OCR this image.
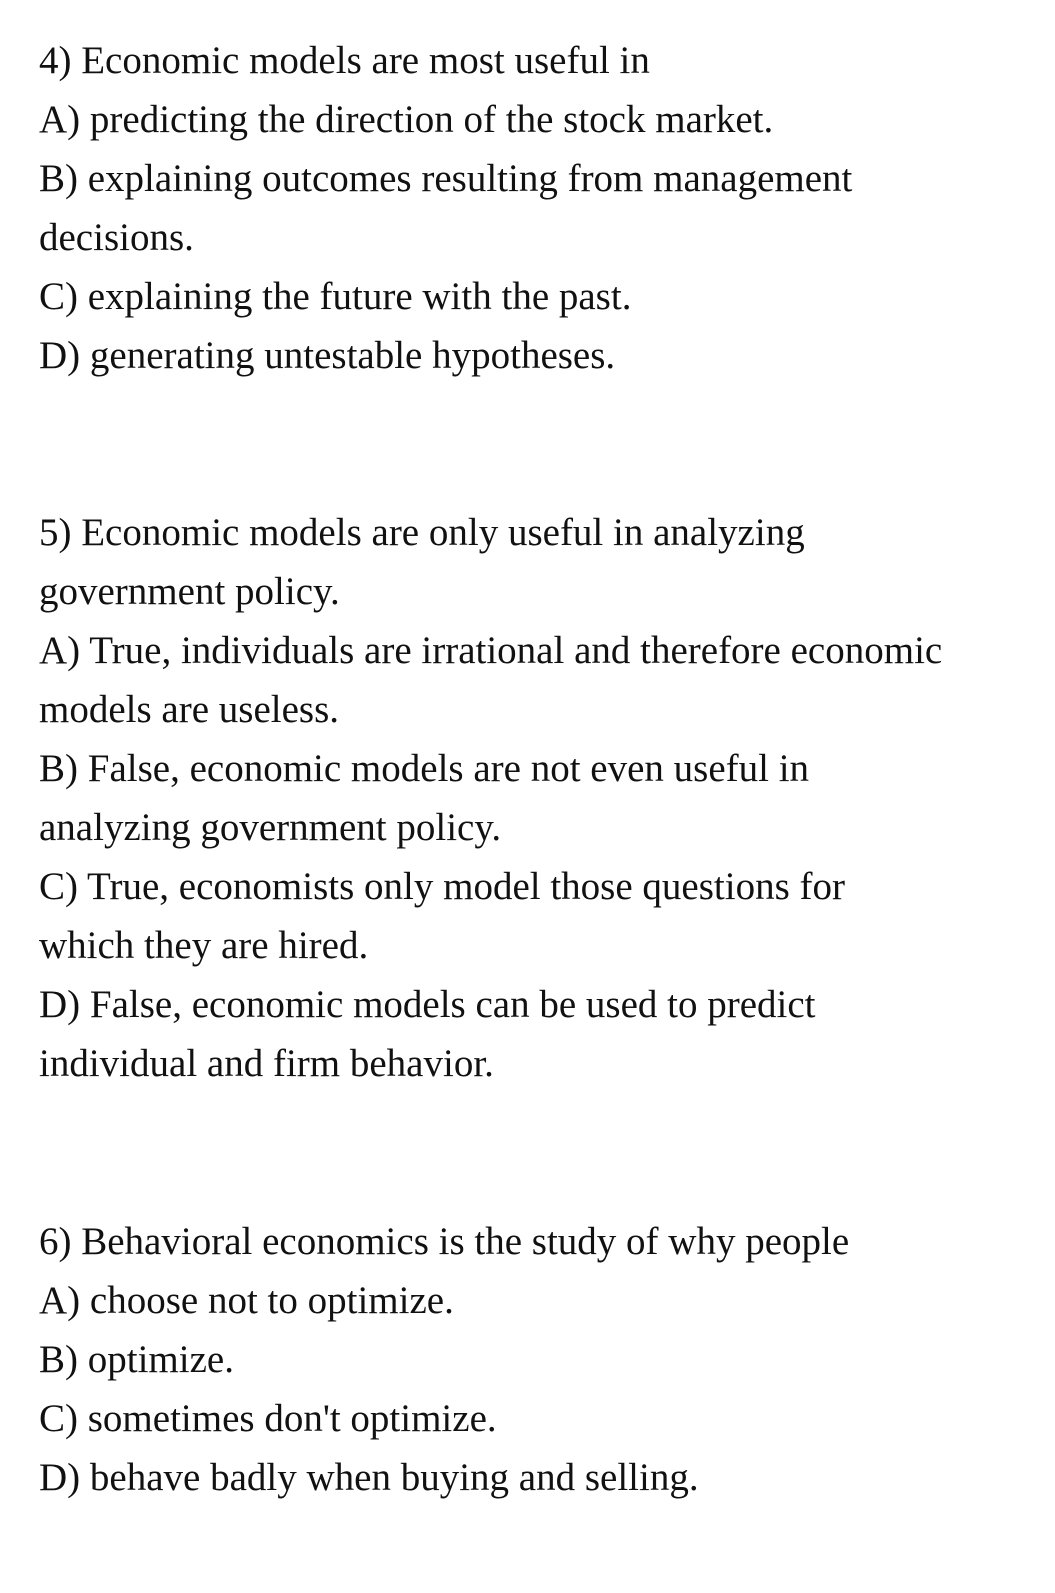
4) Economic models are most useful in

A) predicting the direction of the stock market.

B) explaining outcomes resulting from management

decisions.

C) explaining the future with the past.

D) generating untestable hypotheses.

5) Economic models are only useful in analyzing

government policy.

A) True, individuals are irrational and therefore economic

models are useless.

B) False, economic models are not even useful in

analyzing government policy.

C) True, economists only model those questions for

which they are hired.

D) False, economic models can be used to predict

individual and firm behavior.

6) Behavioral economics is the study of why people

A) choose not to optimize.

B) optimize.

C) sometimes don't optimize.

D) behave badly when buying and selling.
